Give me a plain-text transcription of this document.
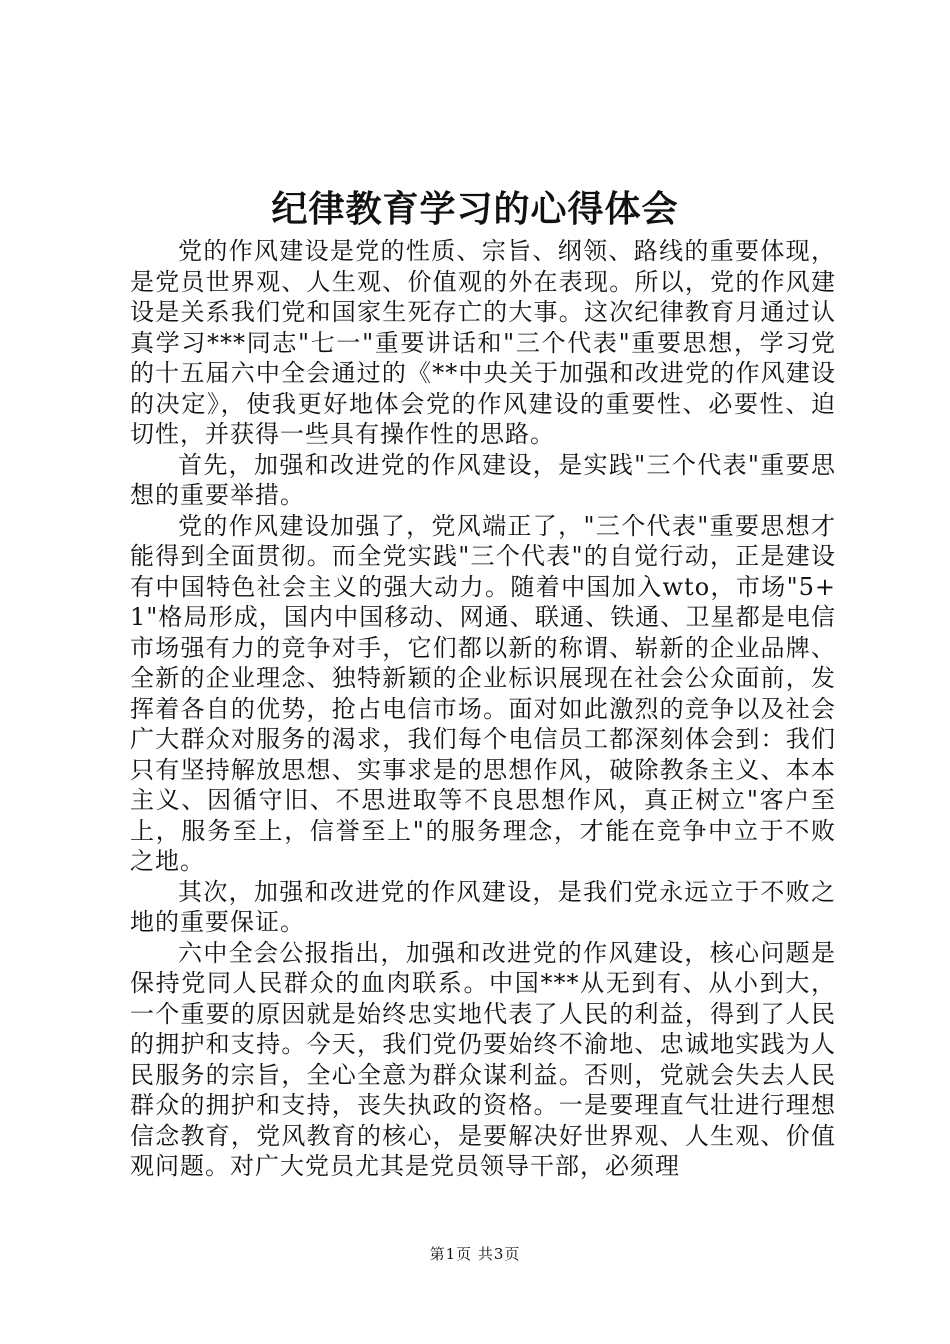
纪律教育学习的心得体会

党的作风建设是党的性质、宗旨、纲领、路线的重要体现，是党员世界观、人生观、价值观的外在表现。所以，党的作风建设是关系我们党和国家生死存亡的大事。这次纪律教育月通过认真学习***同志"七一"重要讲话和"三个代表"重要思想，学习党的十五届六中全会通过的《**中央关于加强和改进党的作风建设的决定》，使我更好地体会党的作风建设的重要性、必要性、迫切性，并获得一些具有操作性的思路。

首先，加强和改进党的作风建设，是实践"三个代表"重要思想的重要举措。

党的作风建设加强了，党风端正了，"三个代表"重要思想才能得到全面贯彻。而全党实践"三个代表"的自觉行动，正是建设有中国特色社会主义的强大动力。随着中国加入wto，市场"5+1"格局形成，国内中国移动、网通、联通、铁通、卫星都是电信市场强有力的竞争对手，它们都以新的称谓、崭新的企业品牌、全新的企业理念、独特新颖的企业标识展现在社会公众面前，发挥着各自的优势，抢占电信市场。面对如此激烈的竞争以及社会广大群众对服务的渴求，我们每个电信员工都深刻体会到：我们只有坚持解放思想、实事求是的思想作风，破除教条主义、本本主义、因循守旧、不思进取等不良思想作风，真正树立"客户至上，服务至上，信誉至上"的服务理念，才能在竞争中立于不败之地。

其次，加强和改进党的作风建设，是我们党永远立于不败之地的重要保证。

六中全会公报指出，加强和改进党的作风建设，核心问题是保持党同人民群众的血肉联系。中国***从无到有、从小到大，一个重要的原因就是始终忠实地代表了人民的利益，得到了人民的拥护和支持。今天，我们党仍要始终不渝地、忠诚地实践为人民服务的宗旨，全心全意为群众谋利益。否则，党就会失去人民群众的拥护和支持，丧失执政的资格。一是要理直气壮进行理想信念教育，党风教育的核心，是要解决好世界观、人生观、价值观问题。对广大党员尤其是党员领导干部，必须理

第1页 共3页
